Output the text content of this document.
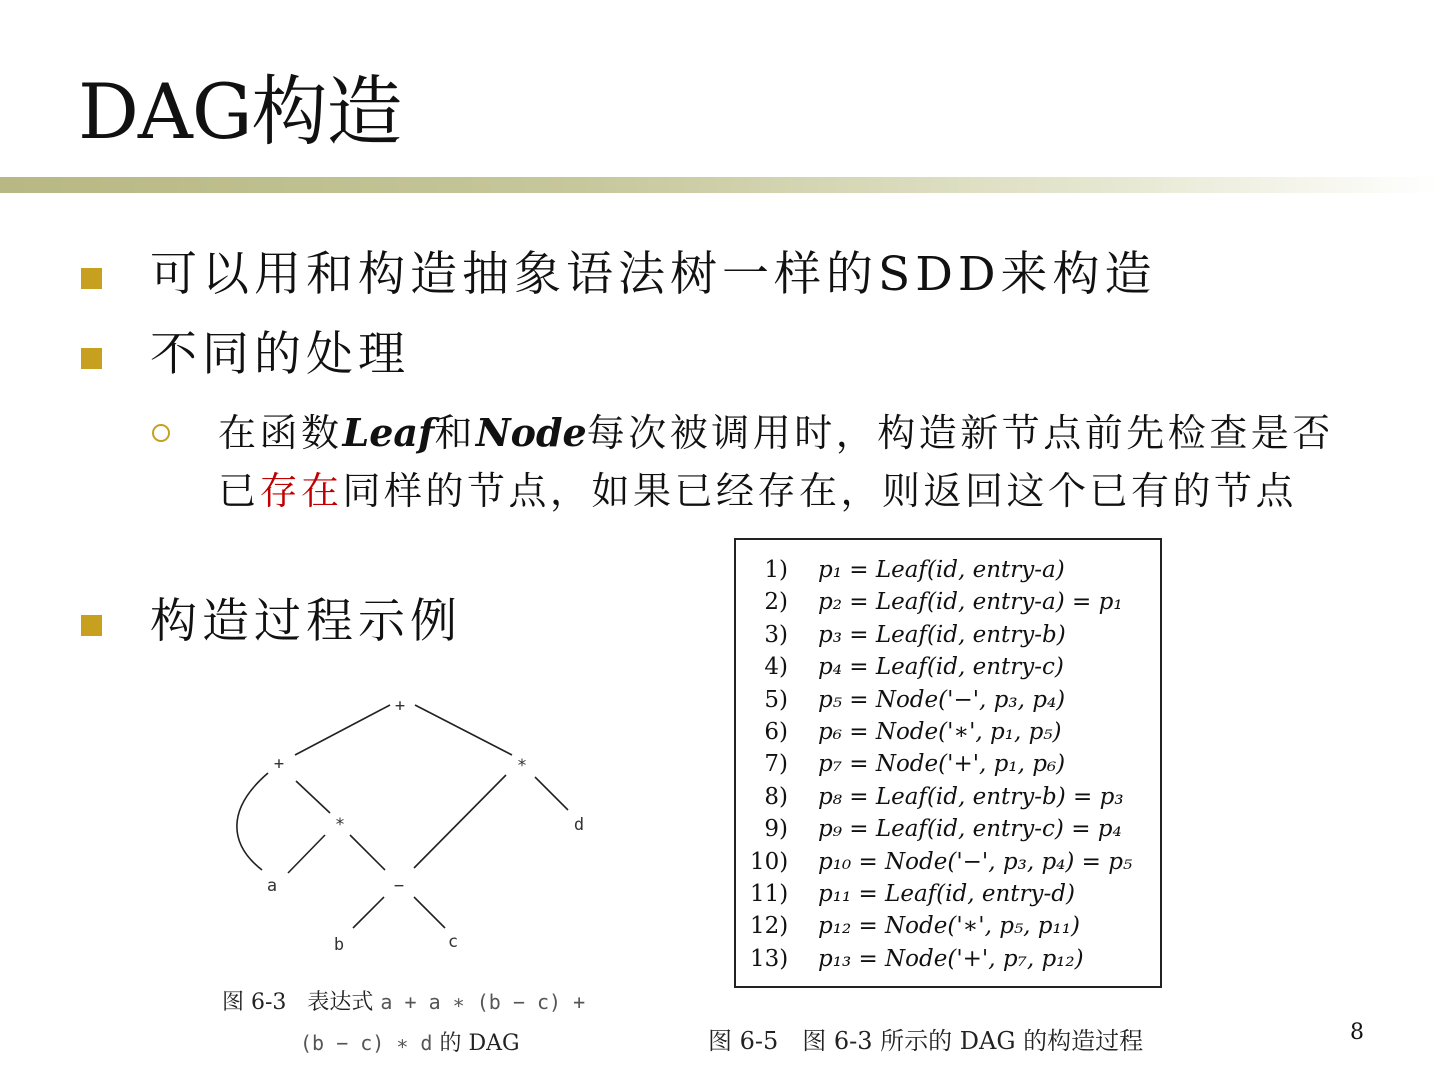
DAG构造
可以用和构造抽象语法树一样的SDD来构造
不同的处理
在函数Leaf和Node每次被调用时，构造新节点前先检查是否已存在同样的节点，如果已经存在，则返回这个已有的节点
构造过程示例
+
+	*
*	d
a	−
b	c
图 6-3 表达式 a + a ∗ (b − c) +
(b − c) ∗ d 的 DAG
1) p₁ = Leaf(id, entry-a)
2) p₂ = Leaf(id, entry-a) = p₁
3) p₃ = Leaf(id, entry-b)
4) p₄ = Leaf(id, entry-c)
5) p₅ = Node('−', p₃, p₄)
6) p₆ = Node('∗', p₁, p₅)
7) p₇ = Node('+', p₁, p₆)
8) p₈ = Leaf(id, entry-b) = p₃
9) p₉ = Leaf(id, entry-c) = p₄
10) p₁₀ = Node('−', p₃, p₄) = p₅
11) p₁₁ = Leaf(id, entry-d)
12) p₁₂ = Node('∗', p₅, p₁₁)
13) p₁₃ = Node('+', p₇, p₁₂)
图 6-5　图 6-3 所示的 DAG 的构造过程	8
